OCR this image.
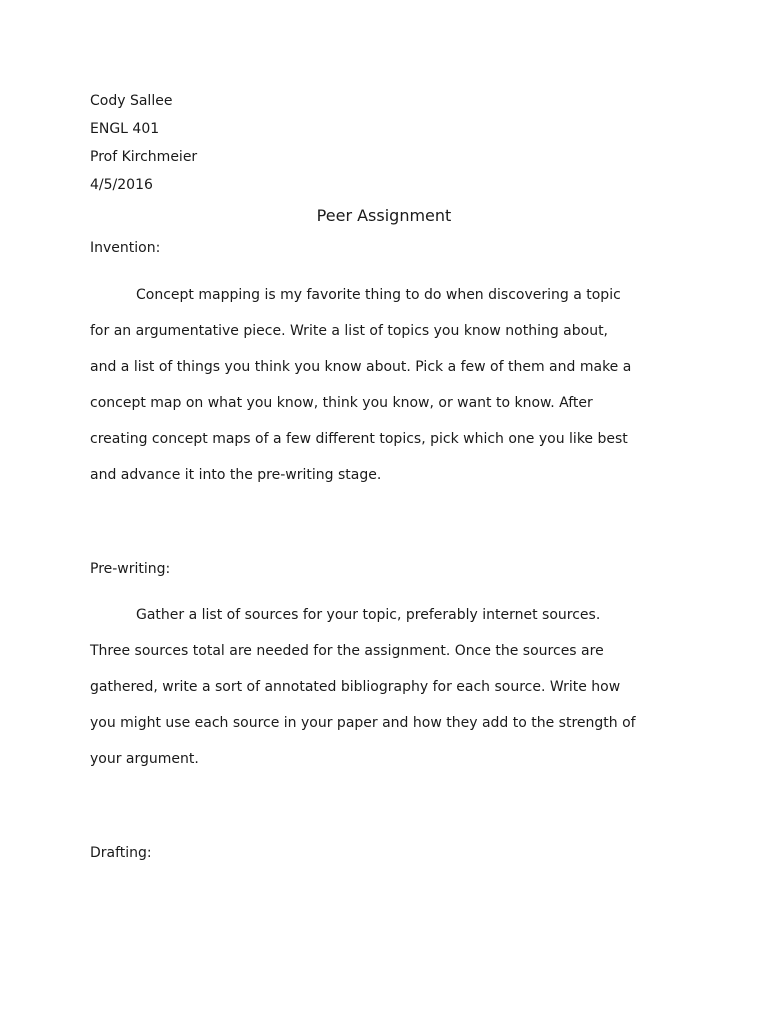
Cody Sallee
ENGL 401
Prof Kirchmeier
4/5/2016
Peer Assignment
Invention:
Concept mapping is my favorite thing to do when discovering a topic
for an argumentative piece. Write a list of topics you know nothing about,
and a list of things you think you know about. Pick a few of them and make a
concept map on what you know, think you know, or want to know. After
creating concept maps of a few different topics, pick which one you like best
and advance it into the pre-writing stage.
Pre-writing:
Gather a list of sources for your topic, preferably internet sources.
Three sources total are needed for the assignment. Once the sources are
gathered, write a sort of annotated bibliography for each source. Write how
you might use each source in your paper and how they add to the strength of
your argument.
Drafting:
